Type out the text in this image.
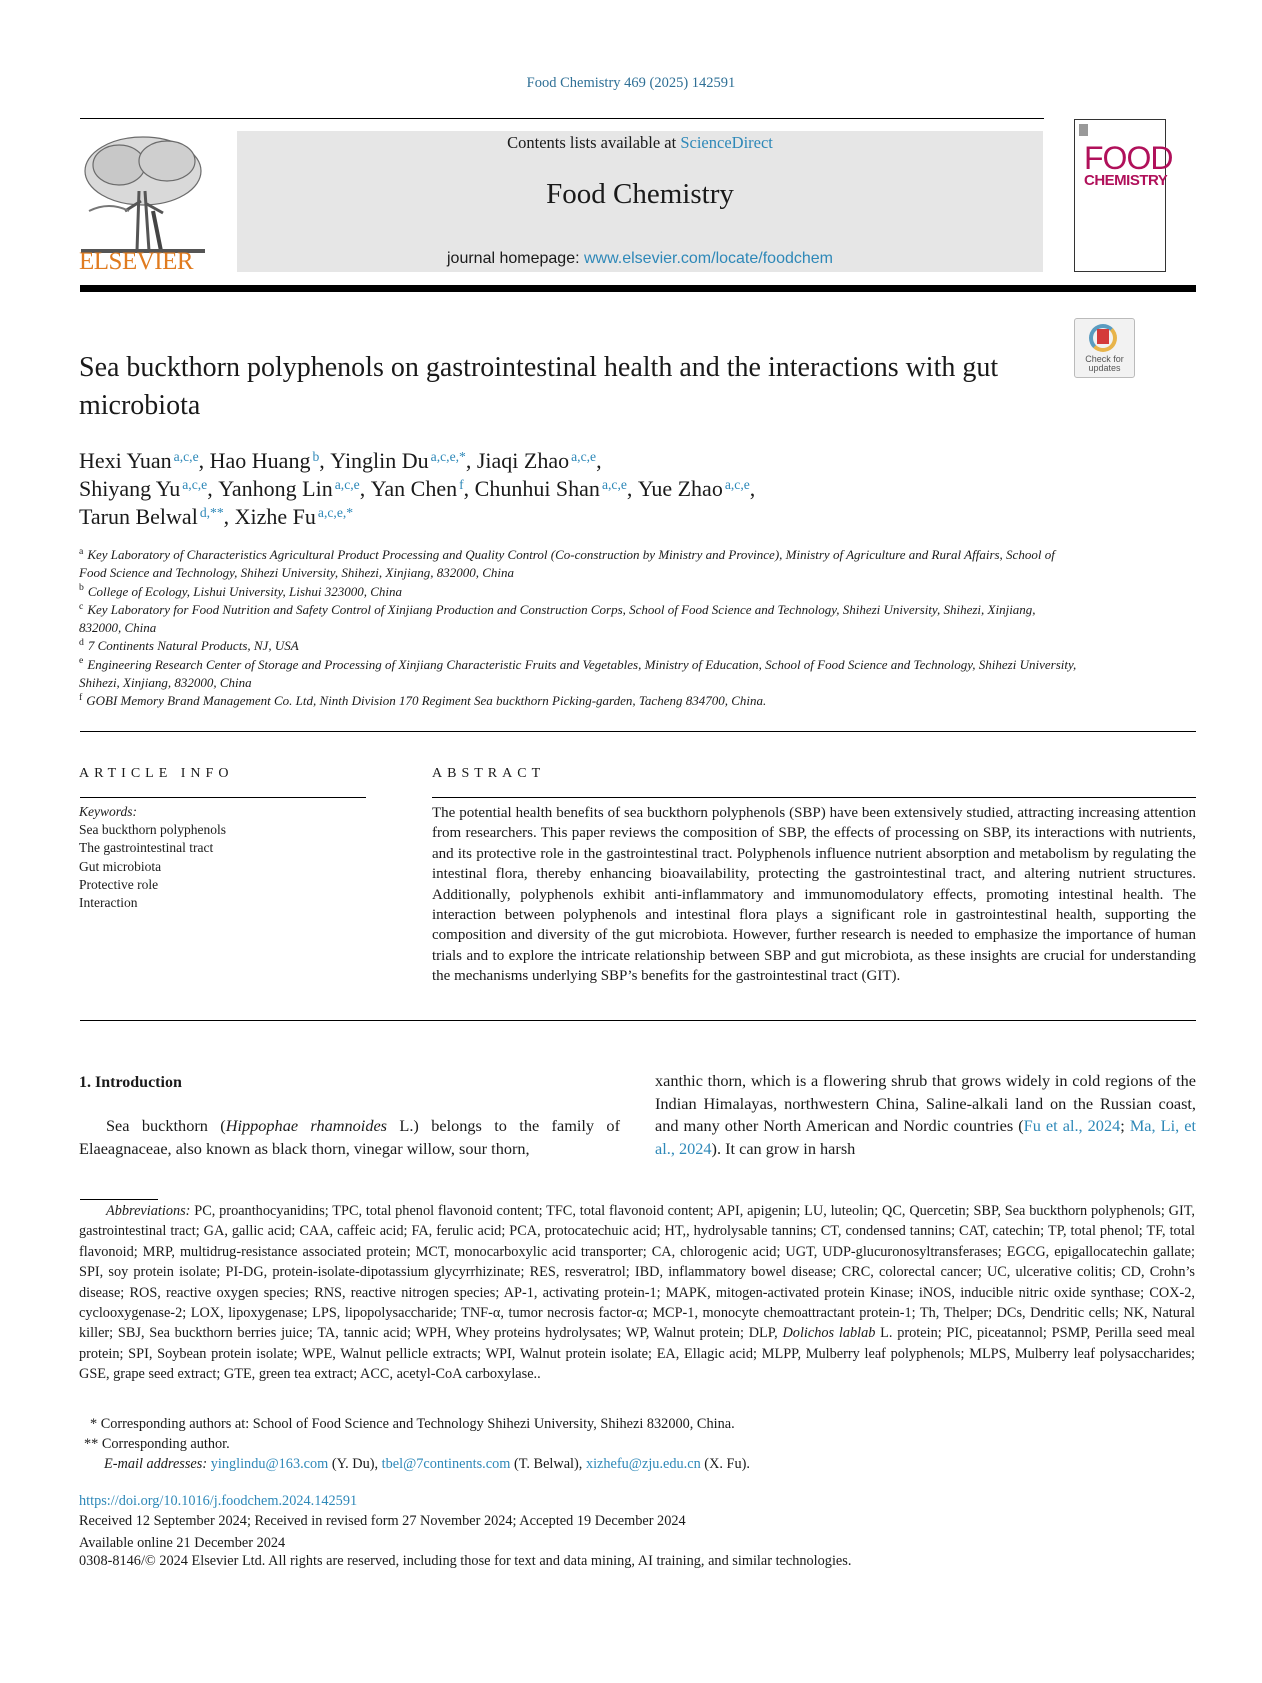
Food Chemistry 469 (2025) 142591
ELSEVIER
Contents lists available at ScienceDirect
Food Chemistry
journal homepage: www.elsevier.com/locate/foodchem
FOOD
CHEMISTRY
Check for
updates
Sea buckthorn polyphenols on gastrointestinal health and the interactions with gut microbiota
Hexi Yuan $^{a,c,e}$, Hao Huang $^b$, Yinglin Du $^{a,c,e,*}$, Jiaqi Zhao $^{a,c,e}$,
Shiyang Yu $^{a,c,e}$, Yanhong Lin $^{a,c,e}$, Yan Chen $^f$, Chunhui Shan $^{a,c,e}$, Yue Zhao $^{a,c,e}$,
Tarun Belwal $^{d,**}$, Xizhe Fu $^{a,c,e,*}$
$^a$ Key Laboratory of Characteristics Agricultural Product Processing and Quality Control (Co-construction by Ministry and Province), Ministry of Agriculture and Rural Affairs, School of Food Science and Technology, Shihezi University, Shihezi, Xinjiang, 832000, China
$^b$ College of Ecology, Lishui University, Lishui 323000, China
$^c$ Key Laboratory for Food Nutrition and Safety Control of Xinjiang Production and Construction Corps, School of Food Science and Technology, Shihezi University, Shihezi, Xinjiang, 832000, China
$^d$ 7 Continents Natural Products, NJ, USA
$^e$ Engineering Research Center of Storage and Processing of Xinjiang Characteristic Fruits and Vegetables, Ministry of Education, School of Food Science and Technology, Shihezi University, Shihezi, Xinjiang, 832000, China
$^f$ GOBI Memory Brand Management Co. Ltd, Ninth Division 170 Regiment Sea buckthorn Picking-garden, Tacheng 834700, China.
ARTICLE INFO	ABSTRACT
Keywords:
Sea buckthorn polyphenols
The gastrointestinal tract
Gut microbiota
Protective role
Interaction
The potential health benefits of sea buckthorn polyphenols (SBP) have been extensively studied, attracting increasing attention from researchers. This paper reviews the composition of SBP, the effects of processing on SBP, its interactions with nutrients, and its protective role in the gastrointestinal tract. Polyphenols influence nutrient absorption and metabolism by regulating the intestinal flora, thereby enhancing bioavailability, protecting the gastrointestinal tract, and altering nutrient structures. Additionally, polyphenols exhibit anti-inflammatory and immunomodulatory effects, promoting intestinal health. The interaction between polyphenols and intestinal flora plays a significant role in gastrointestinal health, supporting the composition and diversity of the gut microbiota. However, further research is needed to emphasize the importance of human trials and to explore the intricate relationship between SBP and gut microbiota, as these insights are crucial for understanding the mechanisms underlying SBP’s benefits for the gastrointestinal tract (GIT).
1. Introduction
Sea buckthorn (Hippophae rhamnoides L.) belongs to the family of Elaeagnaceae, also known as black thorn, vinegar willow, sour thorn,
xanthic thorn, which is a flowering shrub that grows widely in cold regions of the Indian Himalayas, northwestern China, Saline-alkali land on the Russian coast, and many other North American and Nordic countries (Fu et al., 2024; Ma, Li, et al., 2024). It can grow in harsh
Abbreviations: PC, proanthocyanidins; TPC, total phenol flavonoid content; TFC, total flavonoid content; API, apigenin; LU, luteolin; QC, Quercetin; SBP, Sea buckthorn polyphenols; GIT, gastrointestinal tract; GA, gallic acid; CAA, caffeic acid; FA, ferulic acid; PCA, protocatechuic acid; HT,, hydrolysable tannins; CT, condensed tannins; CAT, catechin; TP, total phenol; TF, total flavonoid; MRP, multidrug-resistance associated protein; MCT, monocarboxylic acid transporter; CA, chlorogenic acid; UGT, UDP-glucuronosyltransferases; EGCG, epigallocatechin gallate; SPI, soy protein isolate; PI-DG, protein-isolate-dipotassium glycyrrhizinate; RES, resveratrol; IBD, inflammatory bowel disease; CRC, colorectal cancer; UC, ulcerative colitis; CD, Crohn’s disease; ROS, reactive oxygen species; RNS, reactive nitrogen species; AP-1, activating protein-1; MAPK, mitogen-activated protein Kinase; iNOS, inducible nitric oxide synthase; COX-2, cyclooxygenase-2; LOX, lipoxygenase; LPS, lipopolysaccharide; TNF-α, tumor necrosis factor-α; MCP-1, monocyte chemoattractant protein-1; Th, Thelper; DCs, Dendritic cells; NK, Natural killer; SBJ, Sea buckthorn berries juice; TA, tannic acid; WPH, Whey proteins hydrolysates; WP, Walnut protein; DLP, Dolichos lablab L. protein; PIC, piceatannol; PSMP, Perilla seed meal protein; SPI, Soybean protein isolate; WPE, Walnut pellicle extracts; WPI, Walnut protein isolate; EA, Ellagic acid; MLPP, Mulberry leaf polyphenols; MLPS, Mulberry leaf polysaccharides; GSE, grape seed extract; GTE, green tea extract; ACC, acetyl-CoA carboxylase..
* Corresponding authors at: School of Food Science and Technology Shihezi University, Shihezi 832000, China.
** Corresponding author.
E-mail addresses: yinglindu@163.com (Y. Du), tbel@7continents.com (T. Belwal), xizhefu@zju.edu.cn (X. Fu).
https://doi.org/10.1016/j.foodchem.2024.142591
Received 12 September 2024; Received in revised form 27 November 2024; Accepted 19 December 2024
Available online 21 December 2024
0308-8146/© 2024 Elsevier Ltd. All rights are reserved, including those for text and data mining, AI training, and similar technologies.
